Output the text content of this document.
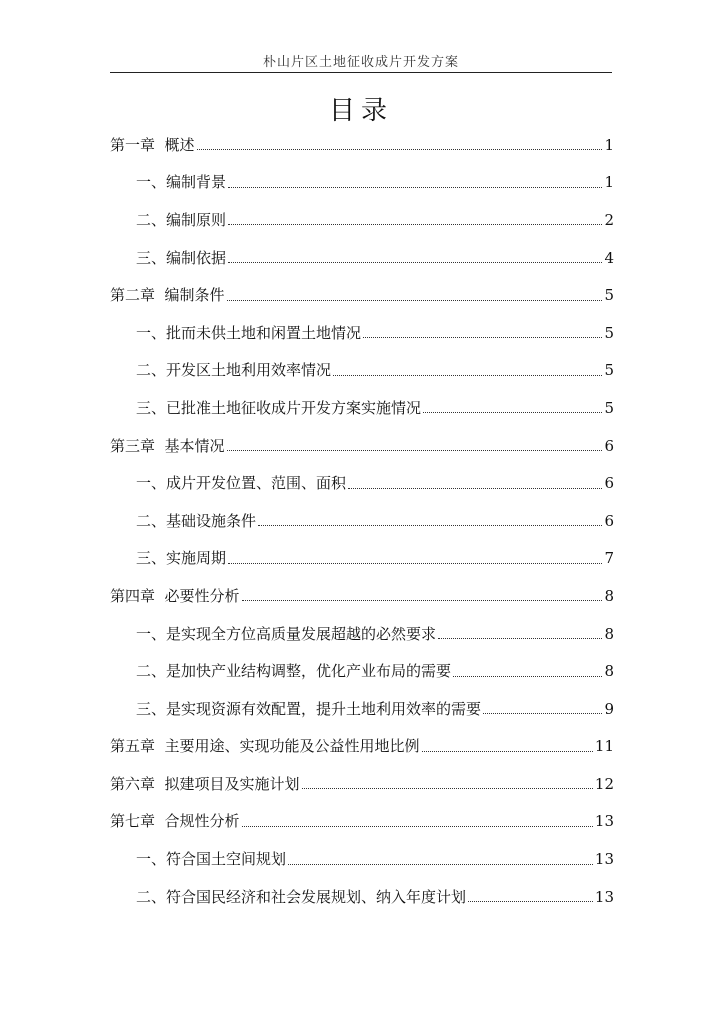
朴山片区土地征收成片开发方案
目录
第一章 概述	1
一、 编制背景	1
二、 编制原则	2
三、 编制依据	4
第二章 编制条件	5
一、 批而未供土地和闲置土地情况	5
二、 开发区土地利用效率情况	5
三、 已批准土地征收成片开发方案实施情况	5
第三章 基本情况	6
一、 成片开发位置、范围、面积	6
二、 基础设施条件	6
三、 实施周期	7
第四章 必要性分析	8
一、 是实现全方位高质量发展超越的必然要求	8
二、 是加快产业结构调整，优化产业布局的需要	8
三、 是实现资源有效配置，提升土地利用效率的需要	9
第五章 主要用途、实现功能及公益性用地比例	11
第六章 拟建项目及实施计划	12
第七章 合规性分析	13
一、 符合国土空间规划	13
二、 符合国民经济和社会发展规划、纳入年度计划	13
